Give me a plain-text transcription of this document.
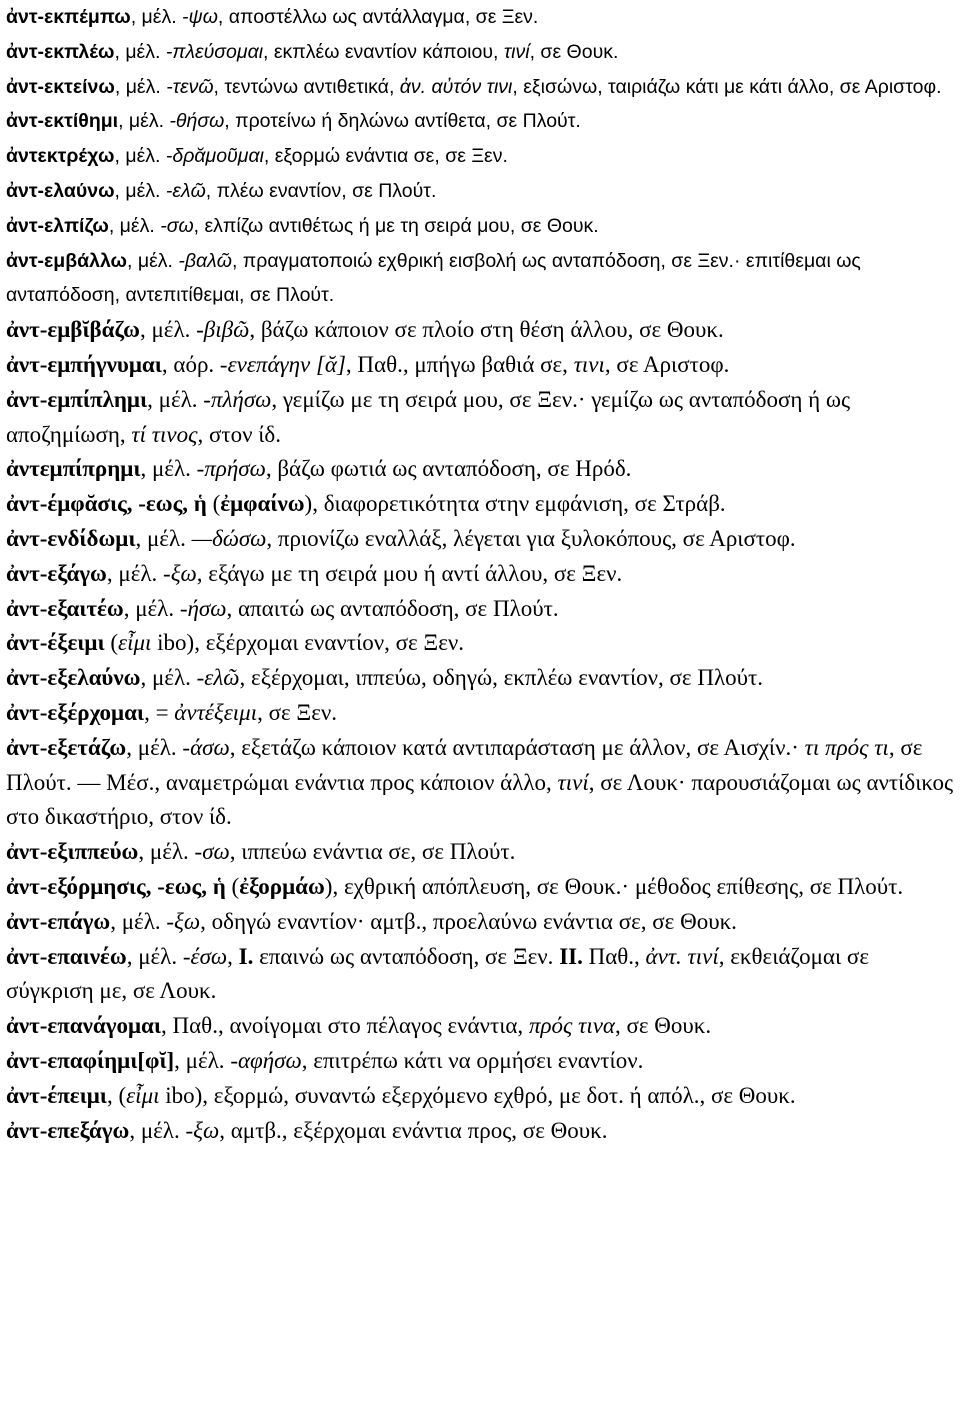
ἀντ-εκπέμπω, μέλ. -ψω, αποστέλλω ως αντάλλαγμα, σε Ξεν.

ἀντ-εκπλέω, μέλ. -πλεύσομαι, εκπλέω εναντίον κάποιου, τινί, σε Θουκ.

ἀντ-εκτείνω, μέλ. -τενῶ, τεντώνω αντιθετικά, ἀν. αὐτόν τινι, εξισώνω, ταιριάζω κάτι με κάτι άλλο, σε Αριστοφ.

ἀντ-εκτίθημι, μέλ. -θήσω, προτείνω ή δηλώνω αντίθετα, σε Πλούτ.

ἀντεκτρέχω, μέλ. -δρᾰμοῦμαι, εξορμώ ενάντια σε, σε Ξεν.

ἀντ-ελαύνω, μέλ. -ελῶ, πλέω εναντίον, σε Πλούτ.

ἀντ-ελπίζω, μέλ. -σω, ελπίζω αντιθέτως ή με τη σειρά μου, σε Θουκ.

ἀντ-εμβάλλω, μέλ. -βαλῶ, πραγματοποιώ εχθρική εισβολή ως ανταπόδοση, σε Ξεν.· επιτίθεμαι ως ανταπόδοση, αντεπιτίθεμαι, σε Πλούτ.

ἀντ-εμβῐβάζω, μέλ. -βιβῶ, βάζω κάποιον σε πλοίο στη θέση άλλου, σε Θουκ.

ἀντ-εμπήγνυμαι, αόρ. -ενεπάγην [ᾰ], Παθ., μπήγω βαθιά σε, τινι, σε Αριστοφ.

ἀντ-εμπίπλημι, μέλ. -πλήσω, γεμίζω με τη σειρά μου, σε Ξεν.· γεμίζω ως ανταπόδοση ή ως αποζημίωση, τί τινος, στον ίδ.

ἀντεμπίπρημι, μέλ. -πρήσω, βάζω φωτιά ως ανταπόδοση, σε Ηρόδ.

ἀντ-έμφᾰσις, -εως, ἡ (ἐμφαίνω), διαφορετικότητα στην εμφάνιση, σε Στράβ.

ἀντ-ενδίδωμι, μέλ. —δώσω, πριονίζω εναλλάξ, λέγεται για ξυλοκόπους, σε Αριστοφ.

ἀντ-εξάγω, μέλ. -ξω, εξάγω με τη σειρά μου ή αντί άλλου, σε Ξεν.

ἀντ-εξαιτέω, μέλ. -ήσω, απαιτώ ως ανταπόδοση, σε Πλούτ.

ἀντ-έξειμι (εἶμι ibo), εξέρχομαι εναντίον, σε Ξεν.

ἀντ-εξελαύνω, μέλ. -ελῶ, εξέρχομαι, ιππεύω, οδηγώ, εκπλέω εναντίον, σε Πλούτ.

ἀντ-εξέρχομαι, = ἀντέξειμι, σε Ξεν.

ἀντ-εξετάζω, μέλ. -άσω, εξετάζω κάποιον κατά αντιπαράσταση με άλλον, σε Αισχίν.· τι πρός τι, σε Πλούτ. — Μέσ., αναμετρώμαι ενάντια προς κάποιον άλλο, τινί, σε Λουκ· παρουσιάζομαι ως αντίδικος στο δικαστήριο, στον ίδ.

ἀντ-εξιππεύω, μέλ. -σω, ιππεύω ενάντια σε, σε Πλούτ.

ἀντ-εξόρμησις, -εως, ἡ (ἐξορμάω), εχθρική απόπλευση, σε Θουκ.· μέθοδος επίθεσης, σε Πλούτ.

ἀντ-επάγω, μέλ. -ξω, οδηγώ εναντίον· αμτβ., προελαύνω ενάντια σε, σε Θουκ.

ἀντ-επαινέω, μέλ. -έσω, I. επαινώ ως ανταπόδοση, σε Ξεν. II. Παθ., ἀντ. τινί, εκθειάζομαι σε σύγκριση με, σε Λουκ.

ἀντ-επανάγομαι, Παθ., ανοίγομαι στο πέλαγος ενάντια, πρός τινα, σε Θουκ.

ἀντ-επαφίημι[φῐ], μέλ. -αφήσω, επιτρέπω κάτι να ορμήσει εναντίον.

ἀντ-έπειμι, (εἶμι ibo), εξορμώ, συναντώ εξερχόμενο εχθρό, με δοτ. ή απόλ., σε Θουκ.

ἀντ-επεξάγω, μέλ. -ξω, αμτβ., εξέρχομαι ενάντια προς, σε Θουκ.
